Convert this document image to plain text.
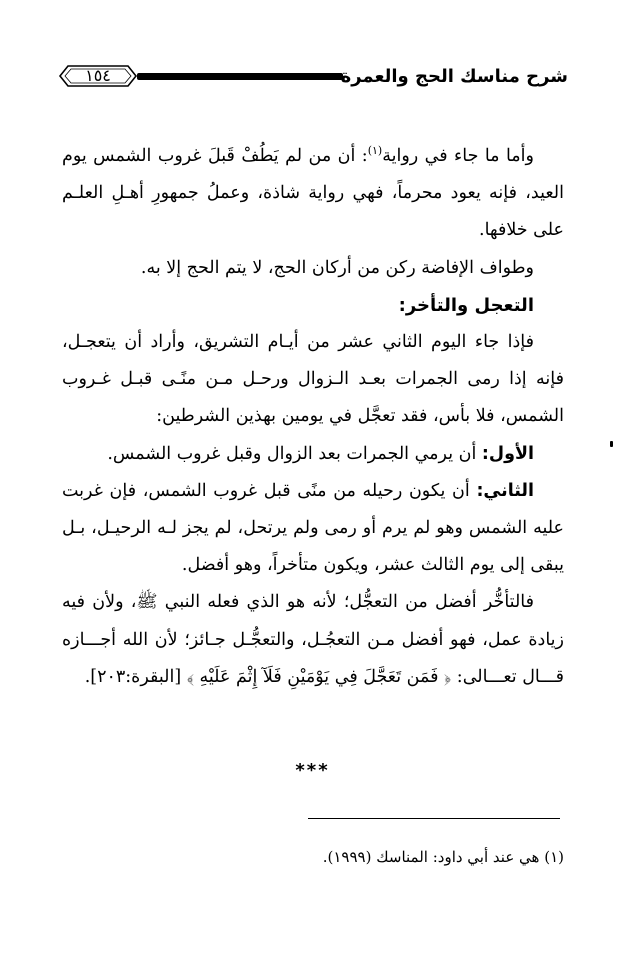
١٥٤	شرح مناسك الحج والعمرة

وأما ما جاء في رواية$^{(١)}$: أن من لم يَطُفْ قَبلَ غروب الشمس يوم العيد، فإنه يعود محرماً، فهي رواية شاذة، وعملُ جمهورِ أهـلِ العلـم على خلافها.

وطواف الإفاضة ركن من أركان الحج، لا يتم الحج إلا به.

التعجل والتأخر:

فإذا جاء اليوم الثاني عشر من أيـام التشريق، وأراد أن يتعجـل، فإنه إذا رمى الجمرات بعـد الـزوال ورحـل مـن منًـى قبـل غـروب الشمس، فلا بأس، فقد تعجَّل في يومين بهذين الشرطين:

الأول: أن يرمي الجمرات بعد الزوال وقبل غروب الشمس.

الثاني: أن يكون رحيله من منًى قبل غروب الشمس، فإن غربت عليه الشمس وهو لم يرم أو رمى ولم يرتحل، لم يجز لـه الرحيـل، بـل يبقى إلى يوم الثالث عشر، ويكون متأخراً، وهو أفضل.

فالتأخُّر أفضل من التعجُّل؛ لأنه هو الذي فعله النبي ﷺ، ولأن فيه زيادة عمل، فهو أفضل مـن التعجُـل، والتعجُّـل جـائز؛ لأن الله أجـــازه قـــال تعـــالى: ﴿ فَمَن تَعَجَّلَ فِي يَوْمَيْنِ فَلَآ إِثْمَ عَلَيْهِ ﴾ [البقرة:٢٠٣].

***
(١) هي عند أبي داود: المناسك (١٩٩٩).
